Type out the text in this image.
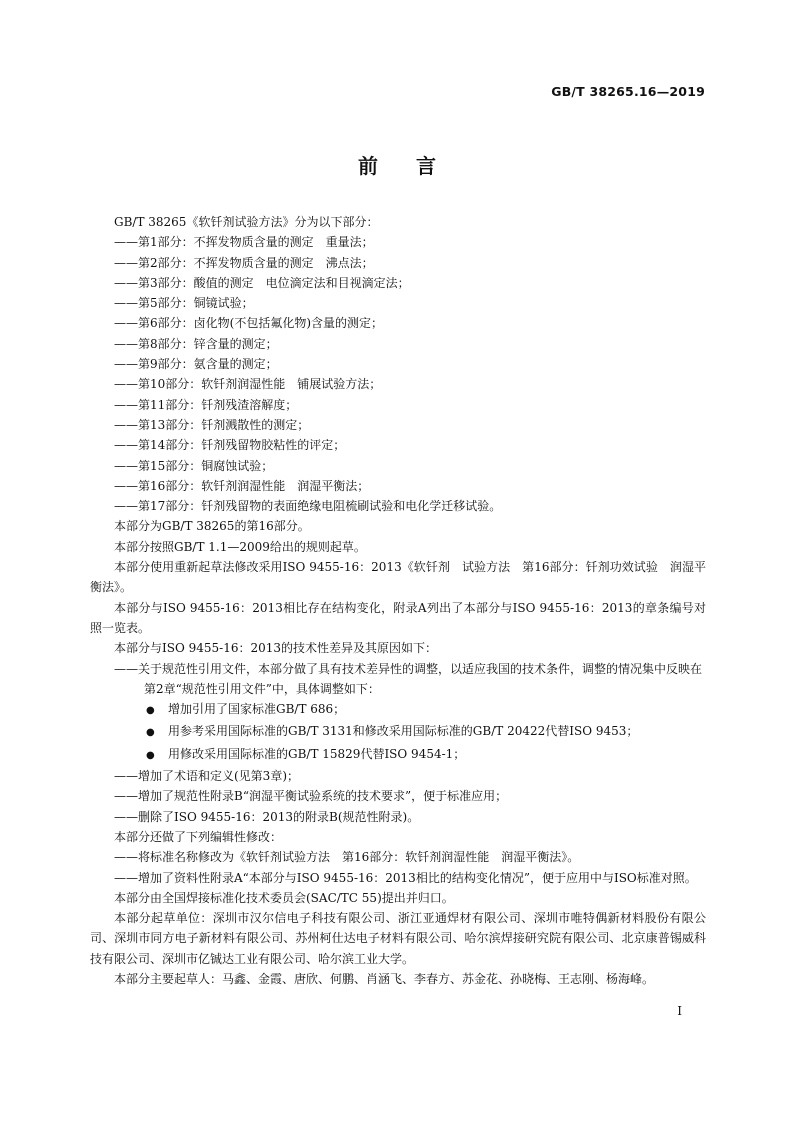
GB/T 38265.16—2019
前言

GB/T 38265《软钎剂试验方法》分为以下部分：

——第1部分：不挥发物质含量的测定　重量法；

——第2部分：不挥发物质含量的测定　沸点法；

——第3部分：酸值的测定　电位滴定法和目视滴定法；

——第5部分：铜镜试验；

——第6部分：卤化物(不包括氟化物)含量的测定；

——第8部分：锌含量的测定；

——第9部分：氨含量的测定；

——第10部分：软钎剂润湿性能　铺展试验方法；

——第11部分：钎剂残渣溶解度；

——第13部分：钎剂溅散性的测定；

——第14部分：钎剂残留物胶粘性的评定；

——第15部分：铜腐蚀试验；

——第16部分：软钎剂润湿性能　润湿平衡法；

——第17部分：钎剂残留物的表面绝缘电阻梳刷试验和电化学迁移试验。

本部分为GB/T 38265的第16部分。

本部分按照GB/T 1.1—2009给出的规则起草。

本部分使用重新起草法修改采用ISO 9455-16：2013《软钎剂　试验方法　第16部分：钎剂功效试验　润湿平衡法》。

本部分与ISO 9455-16：2013相比存在结构变化，附录A列出了本部分与ISO 9455-16：2013的章条编号对照一览表。

本部分与ISO 9455-16：2013的技术性差异及其原因如下：

——关于规范性引用文件，本部分做了具有技术差异性的调整，以适应我国的技术条件，调整的情况集中反映在第2章“规范性引用文件”中，具体调整如下：

● 增加引用了国家标准GB/T 686；

● 用参考采用国际标准的GB/T 3131和修改采用国际标准的GB/T 20422代替ISO 9453；

● 用修改采用国际标准的GB/T 15829代替ISO 9454-1；

——增加了术语和定义(见第3章)；

——增加了规范性附录B“润湿平衡试验系统的技术要求”，便于标准应用；

——删除了ISO 9455-16：2013的附录B(规范性附录)。

本部分还做了下列编辑性修改：

——将标准名称修改为《软钎剂试验方法　第16部分：软钎剂润湿性能　润湿平衡法》。

——增加了资料性附录A“本部分与ISO 9455-16：2013相比的结构变化情况”，便于应用中与ISO标准对照。

本部分由全国焊接标准化技术委员会(SAC/TC 55)提出并归口。

本部分起草单位：深圳市汉尔信电子科技有限公司、浙江亚通焊材有限公司、深圳市唯特偶新材料股份有限公司、深圳市同方电子新材料有限公司、苏州柯仕达电子材料有限公司、哈尔滨焊接研究院有限公司、北京康普锡威科技有限公司、深圳市亿铖达工业有限公司、哈尔滨工业大学。

本部分主要起草人：马鑫、金霞、唐欣、何鹏、肖涵飞、李春方、苏金花、孙晓梅、王志刚、杨海峰。

I
